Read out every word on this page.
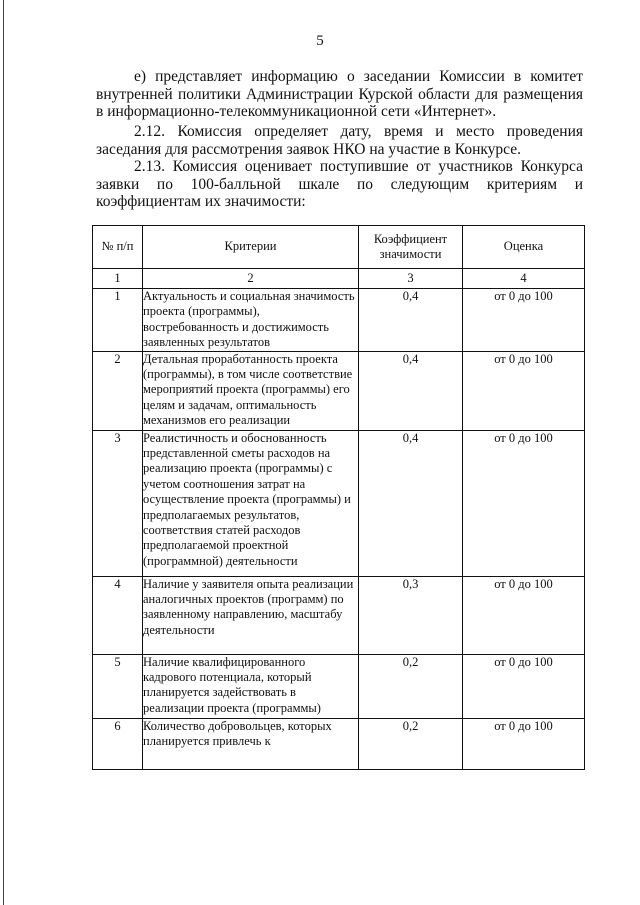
5

е) представляет информацию о заседании Комиссии в комитет внутренней политики Администрации Курской области для размещения в информационно-телекоммуникационной сети «Интернет».

2.12. Комиссия определяет дату, время и место проведения заседания для рассмотрения заявок НКО на участие в Конкурсе.

2.13. Комиссия оценивает поступившие от участников Конкурса заявки по 100-балльной шкале по следующим критериям и коэффициентам их значимости:

№ п/п	Критерии	Коэффициент значимости	Оценка
1	2	3	4
1	Актуальность и социальная значимость проекта (программы), востребованность и достижимость заявленных результатов	0,4	от 0 до 100
2	Детальная проработанность проекта (программы), в том числе соответствие мероприятий проекта (программы) его целям и задачам, оптимальность механизмов его реализации	0,4	от 0 до 100
3	Реалистичность и обоснованность представленной сметы расходов на реализацию проекта (программы) с учетом соотношения затрат на осуществление проекта (программы) и предполагаемых результатов, соответствия статей расходов предполагаемой проектной (программной) деятельности	0,4	от 0 до 100
4	Наличие у заявителя опыта реализации аналогичных проектов (программ) по заявленному направлению, масштабу деятельности	0,3	от 0 до 100
5	Наличие квалифицированного кадрового потенциала, который планируется задействовать в реализации проекта (программы)	0,2	от 0 до 100
6	Количество добровольцев, которых планируется привлечь к	0,2	от 0 до 100
